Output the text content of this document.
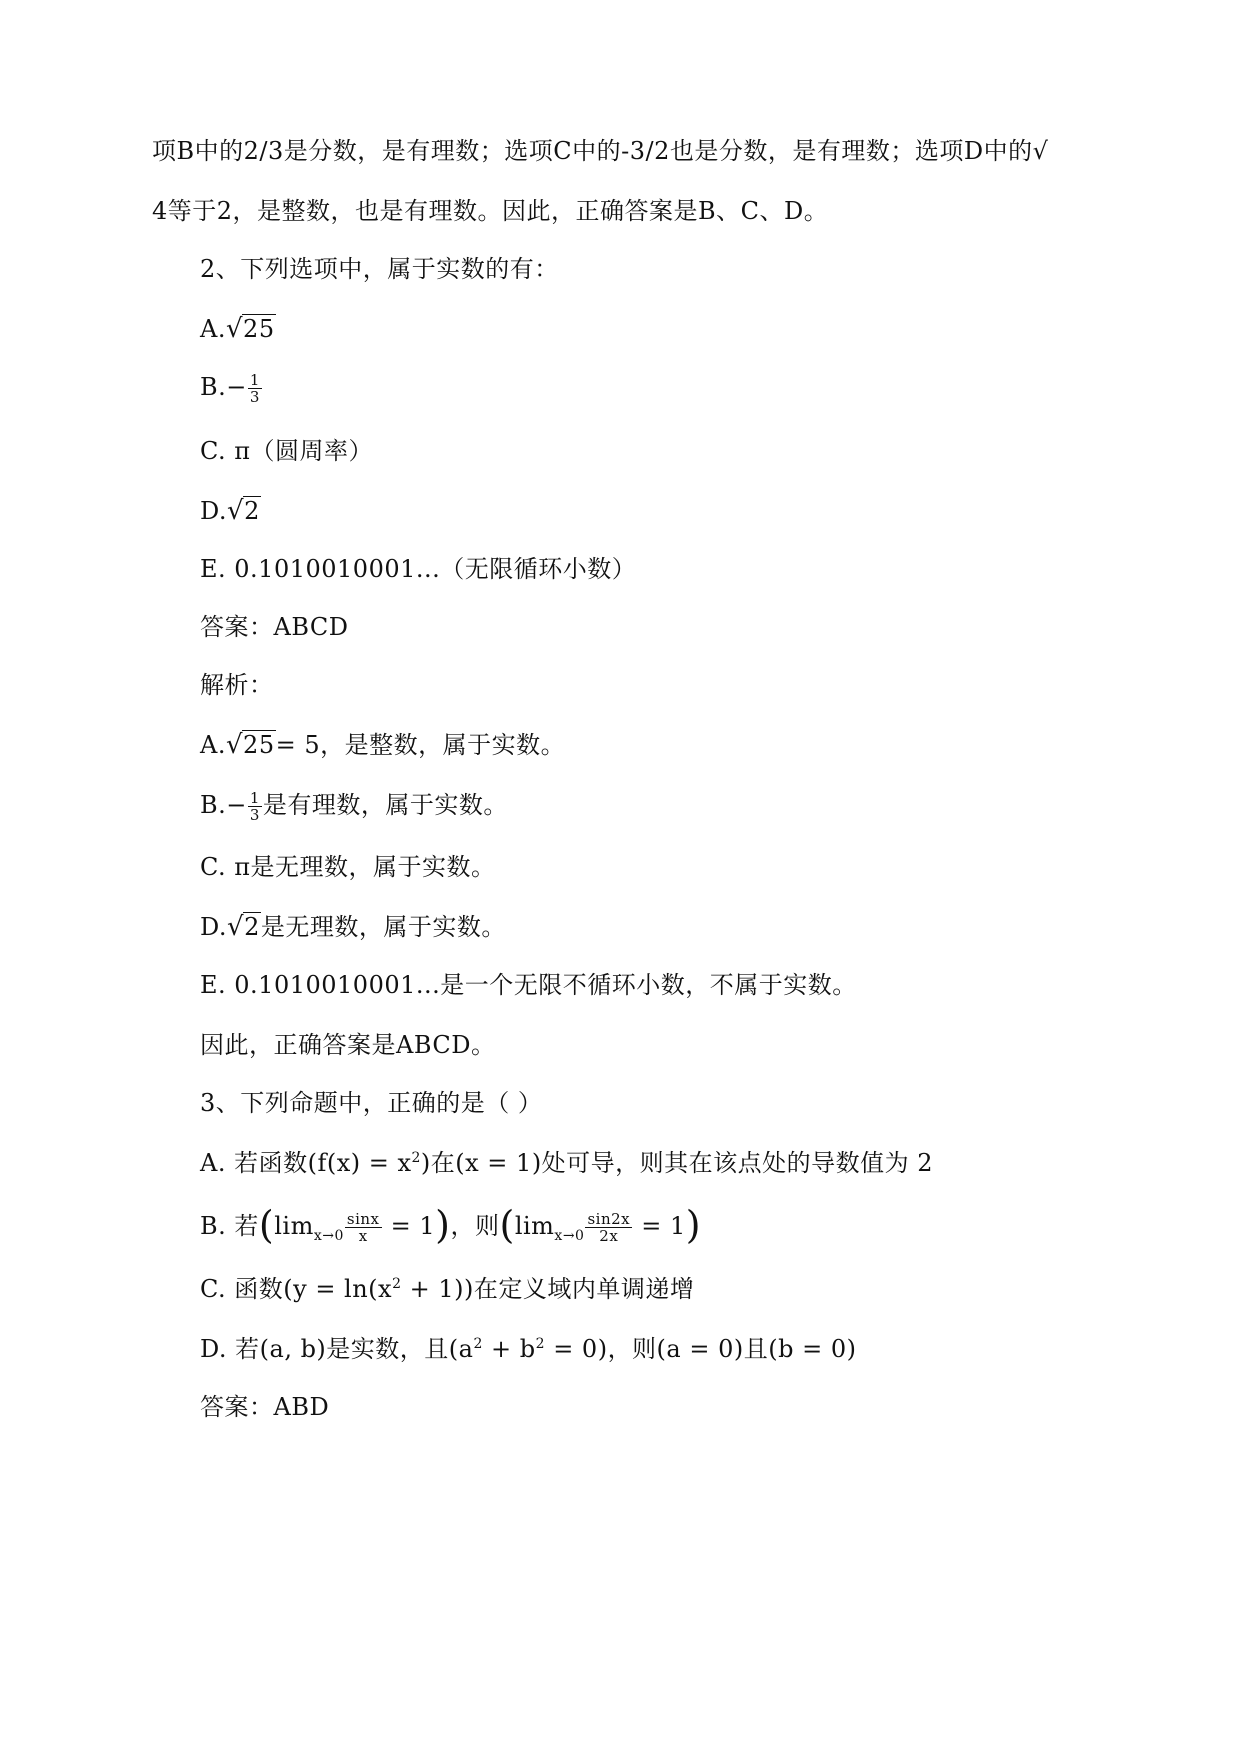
项B中的2/3是分数，是有理数；选项C中的-3/2也是分数，是有理数；选项D中的√
4等于2，是整数，也是有理数。因此，正确答案是B、C、D。
2、下列选项中，属于实数的有：
A.√25
$B.- \frac{1}{3}$
C. π（圆周率）
D.√2
E. 0.1010010001...（无限循环小数）
答案：ABCD
解析：
A.√25= 5，是整数，属于实数。
$B.- \frac{1}{3}$ 是有理数，属于实数。
C. π是无理数，属于实数。
D.√2是无理数，属于实数。
E. 0.1010010001...是一个无限不循环小数，不属于实数。
因此，正确答案是ABCD。
3、下列命题中，正确的是（ ）
A. 若函数$(f(x) = x^2)$在(x = 1)处可导，则其在该点处的导数值为 2
B. 若$(\lim_{x\to 0} \frac{\sin x}{x} = 1)$，则$(\lim_{x\to 0} \frac{\sin 2x}{2x} = 1)$
C. 函数$(y = \ln(x^2 + 1))$在定义域内单调递增
D. 若(a, b)是实数，且$(a^2 + b^2 = 0)$，则(a = 0)且(b = 0)
答案：ABD
